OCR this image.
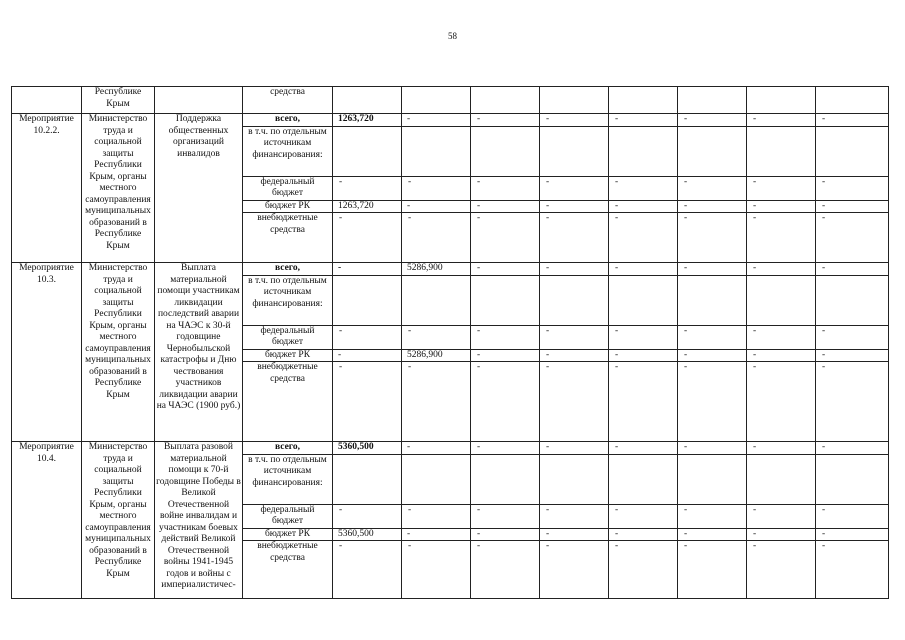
58
	Республике Крым		средства								
Мероприятие 10.2.2.	Министерство труда и социальной защиты Республики Крым, органы местного самоуправления муниципальных образований в Республике Крым	Поддержка общественных организаций инвалидов	всего,	1263,720	-	-	-	-	-	-	-
			в т.ч. по отдельным источникам финансирования:								
			федеральный бюджет	-	-	-	-	-	-	-	-
			бюджет РК	1263,720	-	-	-	-	-	-	-
			внебюджетные средства	-	-	-	-	-	-	-	-
Мероприятие 10.3.	Министерство труда и социальной защиты Республики Крым, органы местного самоуправления муниципальных образований в Республике Крым	Выплата материальной помощи участникам ликвидации последствий аварии на ЧАЭС к 30-й годовщине Чернобыльской катастрофы и Дню чествования участников ликвидации аварии на ЧАЭС (1900 руб.)	всего,	-	5286,900	-	-	-	-	-	-
			в т.ч. по отдельным источникам финансирования:								
			федеральный бюджет	-	-	-	-	-	-	-	-
			бюджет РК	-	5286,900	-	-	-	-	-	-
			внебюджетные средства	-	-	-	-	-	-	-	-
Мероприятие 10.4.	Министерство труда и социальной защиты Республики Крым, органы местного самоуправления муниципальных образований в Республике Крым	Выплата разовой материальной помощи к 70-й годовщине Победы в Великой Отечественной войне инвалидам и участникам боевых действий Великой Отечественной войны 1941-1945 годов и войны с империалистичес-	всего,	5360,500	-	-	-	-	-	-	-
			в т.ч. по отдельным источникам финансирования:								
			федеральный бюджет	-	-	-	-	-	-	-	-
			бюджет РК	5360,500	-	-	-	-	-	-	-
			внебюджетные средства	-	-	-	-	-	-	-	-
